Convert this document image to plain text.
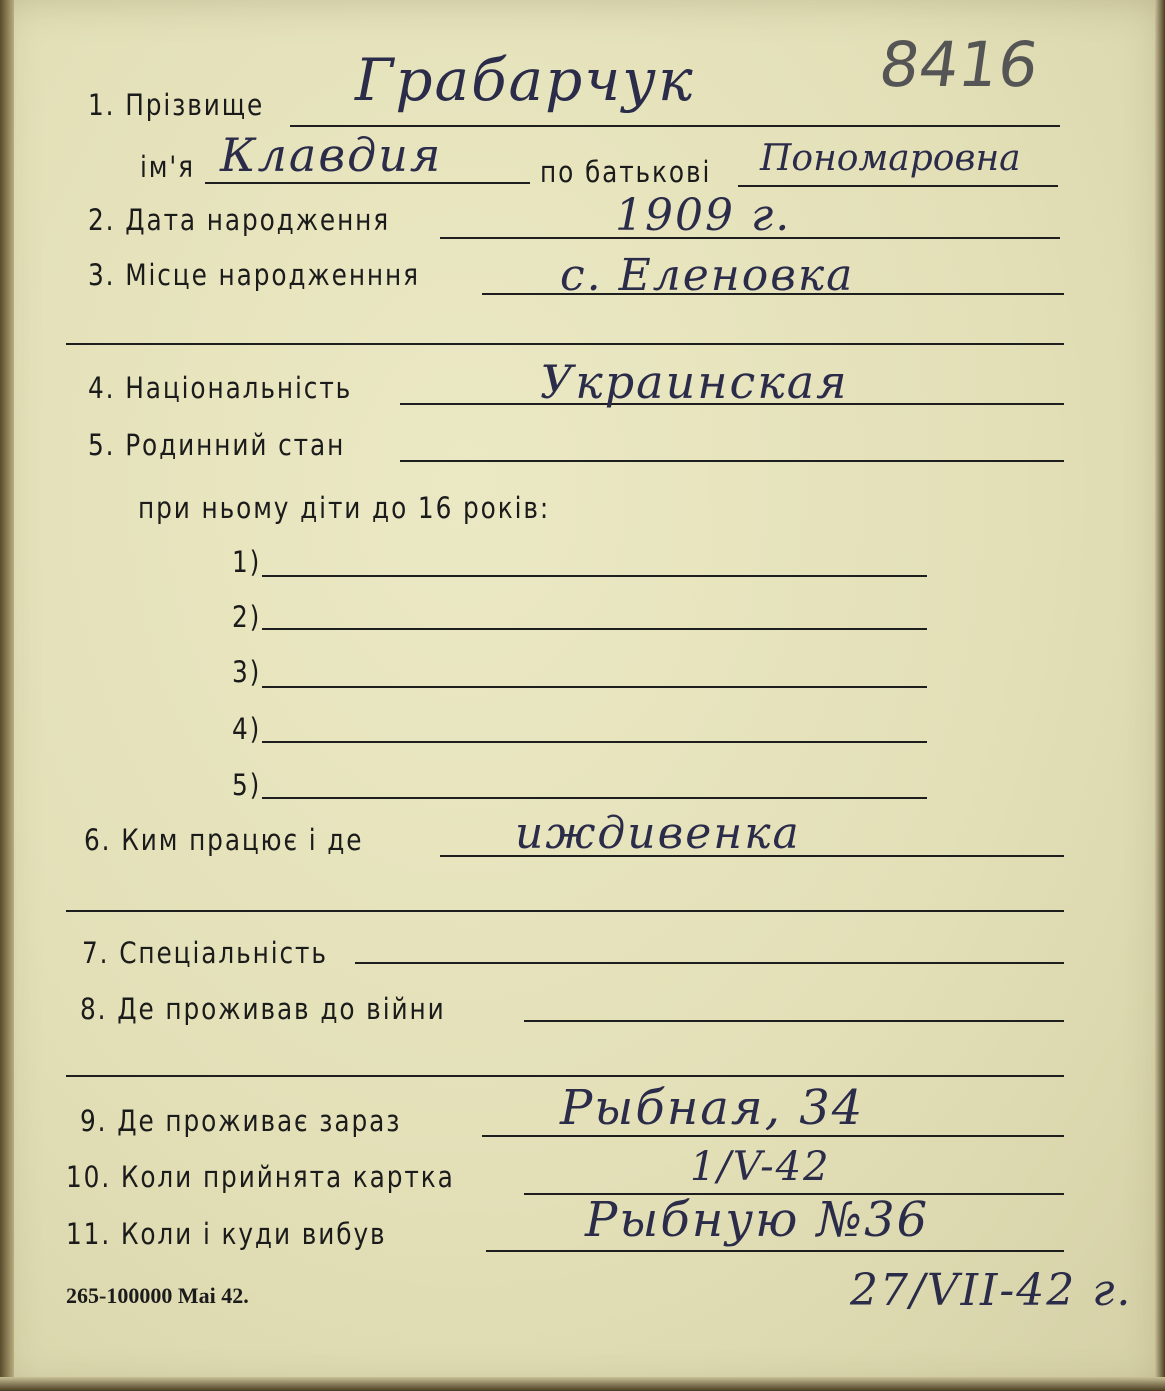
8416
1. Прізвище Грабарчук
ім'я Клавдия	по батькові Пономаровна
2. Дата народження	1909 г.
3. Місце народженння	с. Еленовка
4. Національність	Украинская
5. Родинний стан
при ньому діти до 16 років:
1)
2)
3)
4)
5)
6. Ким працює і де	иждивенка
7. Спеціальність
8. Де проживав до війни
9. Де проживає зараз	Рыбная, 34
10. Коли прийнята картка	1/V-42
11. Коли і куди вибув	Рыбную №36
265-100000 Mai 42.	27/VII-42 г.
